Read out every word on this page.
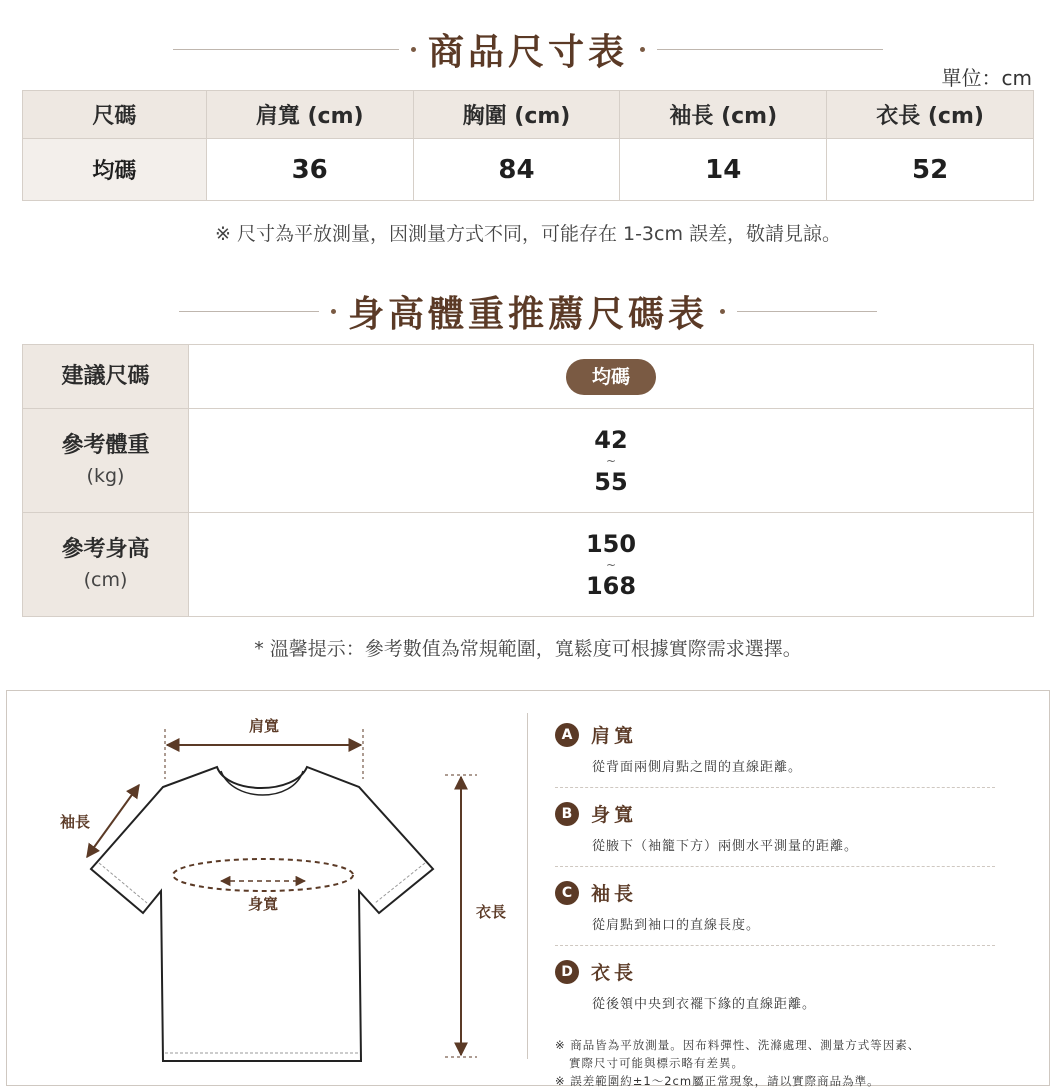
商品尺寸表
單位：cm
尺碼	肩寬 (cm)	胸圍 (cm)	袖長 (cm)	衣長 (cm)
均碼	36	84	14	52
※ 尺寸為平放測量，因測量方式不同，可能存在 1-3cm 誤差，敬請見諒。
身高體重推薦尺碼表
建議尺碼	均碼
參考體重
(kg)	42
~
55

參考身高
(cm)	150
~
168
* 溫馨提示：參考數值為常規範圍，寬鬆度可根據實際需求選擇。
肩寬
袖長
身寬	衣長
A 肩寬
從背面兩側肩點之間的直線距離。
B 身寬
從腋下（袖籠下方）兩側水平測量的距離。
C 袖長
從肩點到袖口的直線長度。
D 衣長
從後領中央到衣襬下緣的直線距離。
※ 商品皆為平放測量。因布料彈性、洗滌處理、測量方式等因素、
實際尺寸可能與標示略有差異。
※ 誤差範圍約±1～2cm屬正常現象，請以實際商品為準。
